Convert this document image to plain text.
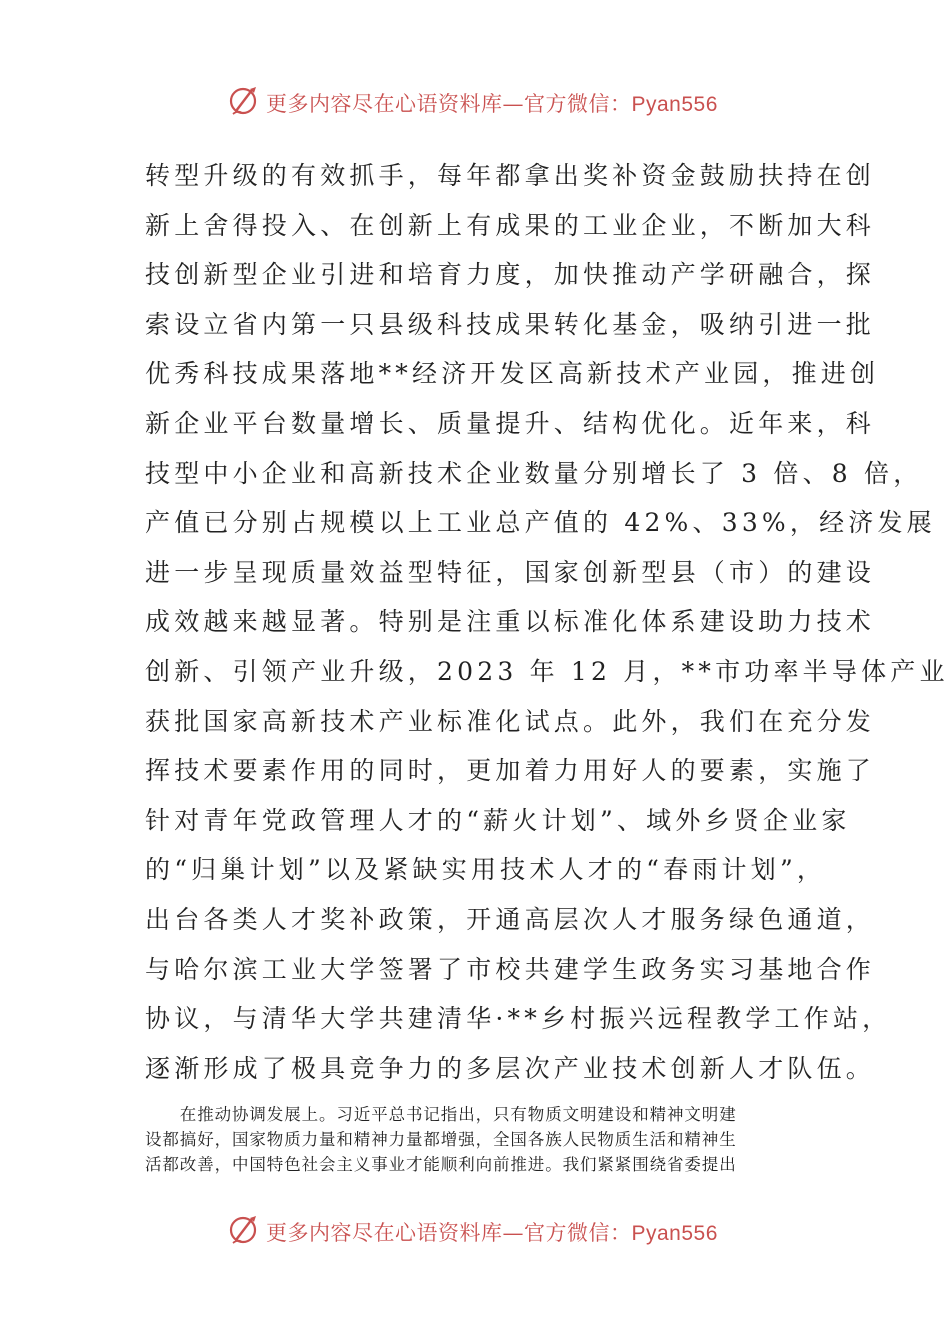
更多内容尽在心语资料库—官方微信：Pyan556
转型升级的有效抓手，每年都拿出奖补资金鼓励扶持在创
新上舍得投入、在创新上有成果的工业企业，不断加大科
技创新型企业引进和培育力度，加快推动产学研融合，探
索设立省内第一只县级科技成果转化基金，吸纳引进一批
优秀科技成果落地**经济开发区高新技术产业园，推进创
新企业平台数量增长、质量提升、结构优化。近年来，科
技型中小企业和高新技术企业数量分别增长了 3 倍、8 倍，
产值已分别占规模以上工业总产值的 42%、33%，经济发展
进一步呈现质量效益型特征，国家创新型县（市）的建设
成效越来越显著。特别是注重以标准化体系建设助力技术
创新、引领产业升级，2023 年 12 月，**市功率半导体产业
获批国家高新技术产业标准化试点。此外，我们在充分发
挥技术要素作用的同时，更加着力用好人的要素，实施了
针对青年党政管理人才的“薪火计划”、域外乡贤企业家
的“归巢计划”以及紧缺实用技术人才的“春雨计划”，
出台各类人才奖补政策，开通高层次人才服务绿色通道，
与哈尔滨工业大学签署了市校共建学生政务实习基地合作
协议，与清华大学共建清华·**乡村振兴远程教学工作站，
逐渐形成了极具竞争力的多层次产业技术创新人才队伍。
　　在推动协调发展上。习近平总书记指出，只有物质文明建设和精神文明建
设都搞好，国家物质力量和精神力量都增强，全国各族人民物质生活和精神生
活都改善，中国特色社会主义事业才能顺利向前推进。我们紧紧围绕省委提出
更多内容尽在心语资料库—官方微信：Pyan556
